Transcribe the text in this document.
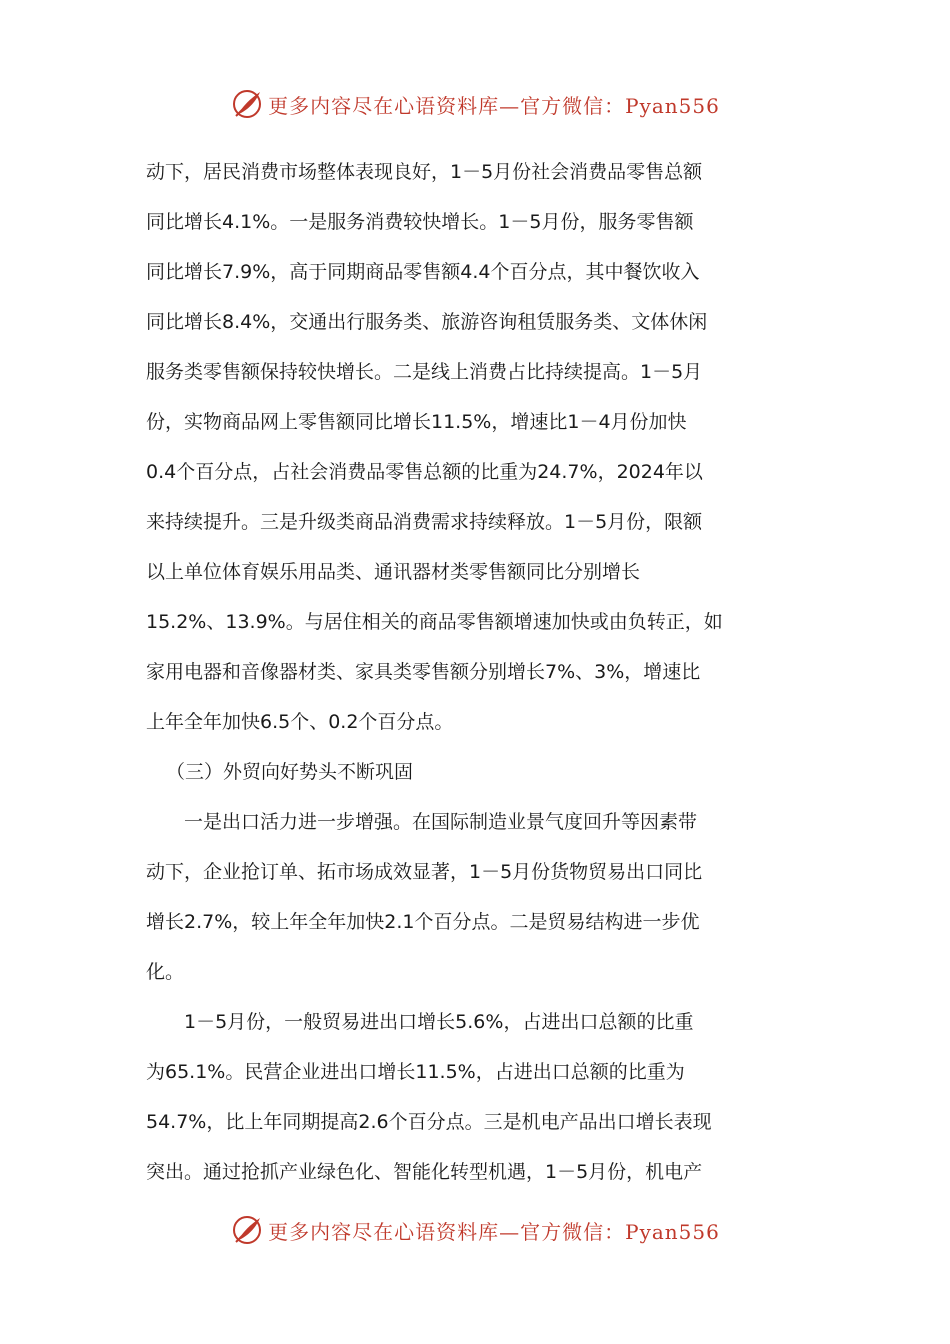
更多内容尽在心语资料库—官方微信：Pyan556
动下，居民消费市场整体表现良好，1－5月份社会消费品零售总额
同比增长4.1%。一是服务消费较快增长。1－5月份，服务零售额
同比增长7.9%，高于同期商品零售额4.4个百分点，其中餐饮收入
同比增长8.4%，交通出行服务类、旅游咨询租赁服务类、文体休闲
服务类零售额保持较快增长。二是线上消费占比持续提高。1－5月
份，实物商品网上零售额同比增长11.5%，增速比1－4月份加快
0.4个百分点，占社会消费品零售总额的比重为24.7%，2024年以
来持续提升。三是升级类商品消费需求持续释放。1－5月份，限额
以上单位体育娱乐用品类、通讯器材类零售额同比分别增长
15.2%、13.9%。与居住相关的商品零售额增速加快或由负转正，如
家用电器和音像器材类、家具类零售额分别增长7%、3%，增速比
上年全年加快6.5个、0.2个百分点。
（三）外贸向好势头不断巩固
一是出口活力进一步增强。在国际制造业景气度回升等因素带
动下，企业抢订单、拓市场成效显著，1－5月份货物贸易出口同比
增长2.7%，较上年全年加快2.1个百分点。二是贸易结构进一步优
化。
1－5月份，一般贸易进出口增长5.6%，占进出口总额的比重
为65.1%。民营企业进出口增长11.5%，占进出口总额的比重为
54.7%，比上年同期提高2.6个百分点。三是机电产品出口增长表现
突出。通过抢抓产业绿色化、智能化转型机遇，1－5月份，机电产
更多内容尽在心语资料库—官方微信：Pyan556
